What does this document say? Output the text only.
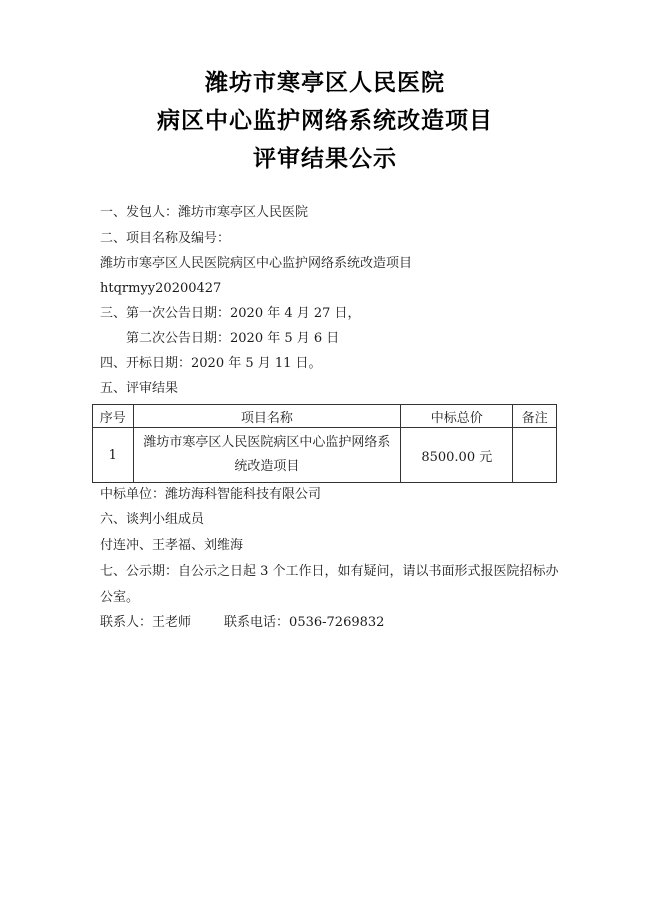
潍坊市寒亭区人民医院
病区中心监护网络系统改造项目
评审结果公示
一、发包人：潍坊市寒亭区人民医院
二、项目名称及编号：
潍坊市寒亭区人民医院病区中心监护网络系统改造项目
htqrmyy20200427
三、第一次公告日期：2020 年 4 月 27 日，
第二次公告日期：2020 年 5 月 6 日
四、开标日期：2020 年 5 月 11 日。
五、评审结果
序号	项目名称	中标总价	备注
1	潍坊市寒亭区人民医院病区中心监护网络系
统改造项目	8500.00 元	
中标单位：潍坊海科智能科技有限公司
六、谈判小组成员
付连冲、王孝福、刘维海
七、公示期：自公示之日起 3 个工作日，如有疑问，请以书面形式报医院招标办
公室。
联系人：王老师        联系电话：0536-7269832
